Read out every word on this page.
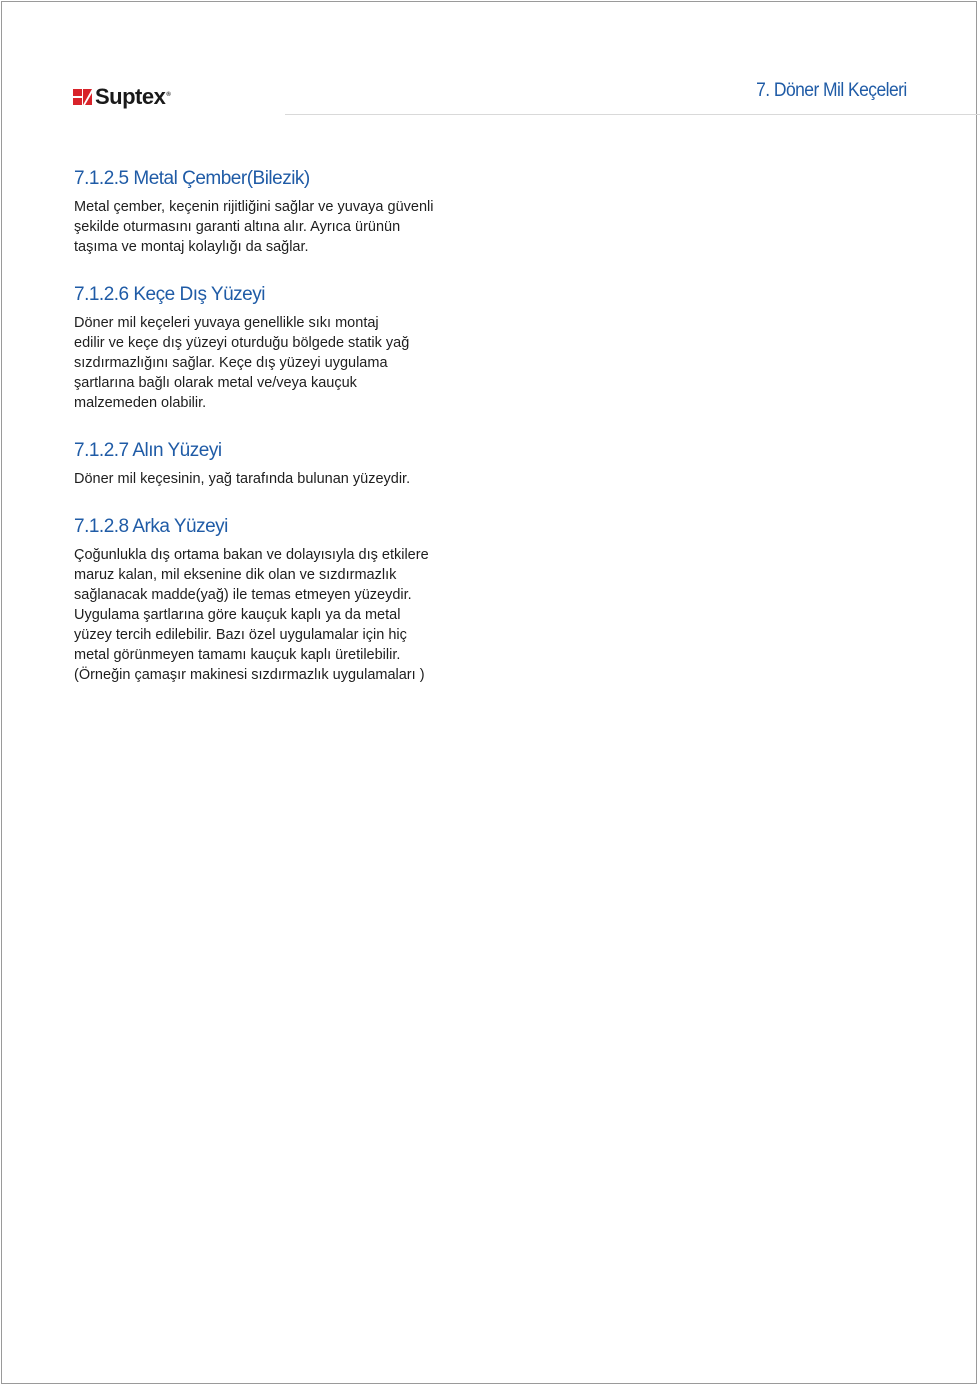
Suptex ®	7. Döner Mil Keçeleri
7.1.2.5 Metal Çember(Bilezik)

Metal çember, keçenin rijitliğini sağlar ve yuvaya güvenli
şekilde oturmasını garanti altına alır. Ayrıca ürünün
taşıma ve montaj kolaylığı da sağlar.

7.1.2.6 Keçe Dış Yüzeyi

Döner mil keçeleri yuvaya genellikle sıkı montaj
edilir ve keçe dış yüzeyi oturduğu bölgede statik yağ
sızdırmazlığını sağlar. Keçe dış yüzeyi uygulama
şartlarına bağlı olarak metal ve/veya kauçuk
malzemeden olabilir.

7.1.2.7 Alın Yüzeyi

Döner mil keçesinin, yağ tarafında bulunan yüzeydir.

7.1.2.8 Arka Yüzeyi

Çoğunlukla dış ortama bakan ve dolayısıyla dış etkilere
maruz kalan, mil eksenine dik olan ve sızdırmazlık
sağlanacak madde(yağ) ile temas etmeyen yüzeydir.
Uygulama şartlarına göre kauçuk kaplı ya da metal
yüzey tercih edilebilir. Bazı özel uygulamalar için hiç
metal görünmeyen tamamı kauçuk kaplı üretilebilir.
(Örneğin çamaşır makinesi sızdırmazlık uygulamaları )
